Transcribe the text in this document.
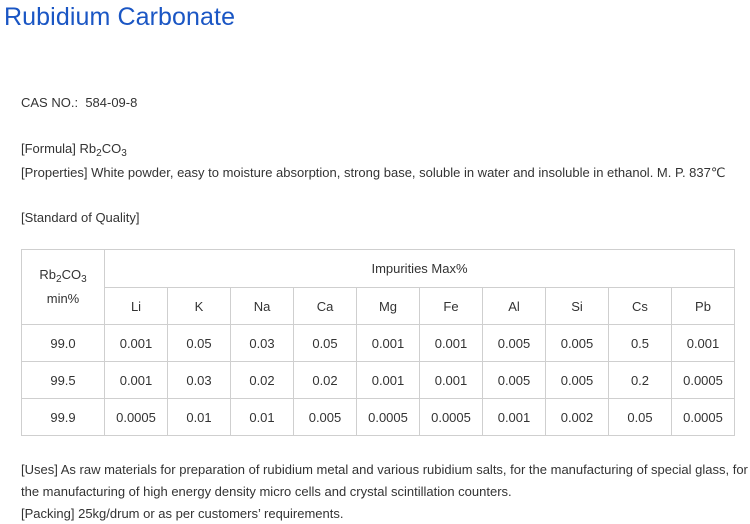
Rubidium Carbonate
CAS NO.: 584-09-8
[Formula] $Rb_2CO_3$
[Properties] White powder, easy to moisture absorption, strong base, soluble in water and insoluble in ethanol. M. P. 837℃
[Standard of Quality]
$Rb_2CO_3$
min%	Impurities Max%									
	Li	K	Na	Ca	Mg	Fe	Al	Si	Cs	Pb
99.0	0.001	0.05	0.03	0.05	0.001	0.001	0.005	0.005	0.5	0.001
99.5	0.001	0.03	0.02	0.02	0.001	0.001	0.005	0.005	0.2	0.0005
99.9	0.0005	0.01	0.01	0.005	0.0005	0.0005	0.001	0.002	0.05	0.0005
[Uses] As raw materials for preparation of rubidium metal and various rubidium salts, for the manufacturing of special glass, for the manufacturing of high energy density micro cells and crystal scintillation counters.
[Packing] 25kg/drum or as per customers’ requirements.
